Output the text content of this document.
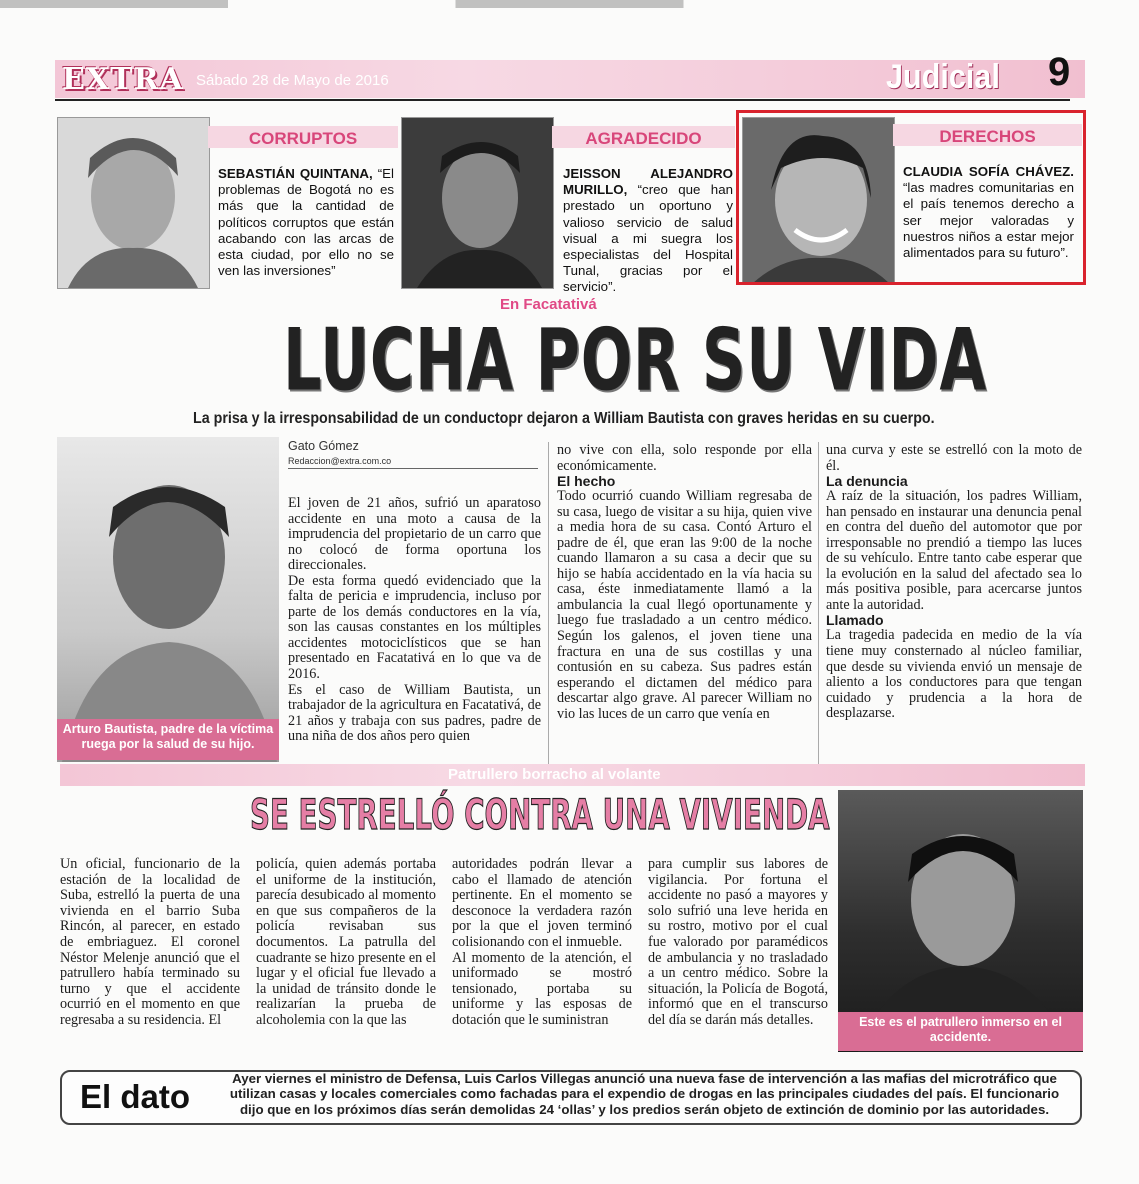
EXTRA Sábado 28 de Mayo de 2016	Judicial 9
CORRUPTOS
SEBASTIÁN QUINTANA, “El problemas de Bogotá no es más que la cantidad de políticos corruptos que están acabando con las arcas de esta ciudad, por ello no se ven las inversiones”
AGRADECIDO
JEISSON ALEJANDRO MURILLO, “creo que han prestado un oportuno y valioso servicio de salud visual a mi suegra los especialistas del Hospital Tunal, gracias por el servicio”.
DERECHOS
CLAUDIA SOFÍA CHÁVEZ. “las madres comunitarias en el país tenemos derecho a ser mejor valoradas y nuestros niños a estar mejor alimentados para su futuro”.
En Facatativá
LUCHA POR SU VIDA
La prisa y la irresponsabilidad de un conductopr dejaron a William Bautista con graves heridas en su cuerpo.
Arturo Bautista, padre de la víctima ruega por la salud de su hijo.
Gato Gómez
Redaccion@extra.com.co

El joven de 21 años, sufrió un aparatoso accidente en una moto a causa de la imprudencia del propietario de un carro que no colocó de forma oportuna los direccionales.

De esta forma quedó evidenciado que la falta de pericia e imprudencia, incluso por parte de los demás conductores en la vía, son las causas constantes en los múltiples accidentes motociclísticos que se han presentado en Facatativá en lo que va de 2016.

Es el caso de William Bautista, un trabajador de la agricultura en Facatativá, de 21 años y trabaja con sus padres, padre de una niña de dos años pero quien

no vive con ella, solo responde por ella económicamente.

El hecho

Todo ocurrió cuando William regresaba de su casa, luego de visitar a su hija, quien vive a media hora de su casa. Contó Arturo el padre de él, que eran las 9:00 de la noche cuando llamaron a su casa a decir que su hijo se había accidentado en la vía hacia su casa, éste inmediatamente llamó a la ambulancia la cual llegó oportunamente y luego fue trasladado a un centro médico. Según los galenos, el joven tiene una fractura en una de sus costillas y una contusión en su cabeza. Sus padres están esperando el dictamen del médico para descartar algo grave. Al parecer William no vio las luces de un carro que venía en

una curva y este se estrelló con la moto de él.

La denuncia

A raíz de la situación, los padres William, han pensado en instaurar una denuncia penal en contra del dueño del automotor que por irresponsable no prendió a tiempo las luces de su vehículo. Entre tanto cabe esperar que la evolución en la salud del afectado sea lo más positiva posible, para acercarse juntos ante la autoridad.

Llamado

La tragedia padecida en medio de la vía tiene muy consternado al núcleo familiar, que desde su vivienda envió un mensaje de aliento a los conductores para que tengan cuidado y prudencia a la hora de desplazarse.

Patrullero borracho al volante
SE ESTRELLÓ CONTRA UNA VIVIENDA
Un oficial, funcionario de la estación de la localidad de Suba, estrelló la puerta de una vivienda en el barrio Suba Rincón, al parecer, en estado de embriaguez. El coronel Néstor Melenje anunció que el patrullero había terminado su turno y que el accidente ocurrió en el momento en que regresaba a su residencia. El
policía, quien además portaba el uniforme de la institución, parecía desubicado al momento en que sus compañeros de la policía revisaban sus documentos. La patrulla del cuadrante se hizo presente en el lugar y el oficial fue llevado a la unidad de tránsito donde le realizarían la prueba de alcoholemia con la que las
autoridades podrán llevar a cabo el llamado de atención pertinente. En el momento se desconoce la verdadera razón por la que el joven terminó colisionando con el inmueble.
Al momento de la atención, el uniformado se mostró tensionado, portaba su uniforme y las esposas de dotación que le suministran
para cumplir sus labores de vigilancia. Por fortuna el accidente no pasó a mayores y solo sufrió una leve herida en su rostro, motivo por el cual fue valorado por paramédicos de ambulancia y no trasladado a un centro médico. Sobre la situación, la Policía de Bogotá, informó que en el transcurso del día se darán más detalles.	Este es el patrullero inmerso en el accidente.
El dato	Ayer viernes el ministro de Defensa, Luis Carlos Villegas anunció una nueva fase de intervención a las mafias del microtráfico que utilizan casas y locales comerciales como fachadas para el expendio de drogas en las principales ciudades del país. El funcionario dijo que en los próximos días serán demolidas 24 ‘ollas’ y los predios serán objeto de extinción de dominio por las autoridades.
